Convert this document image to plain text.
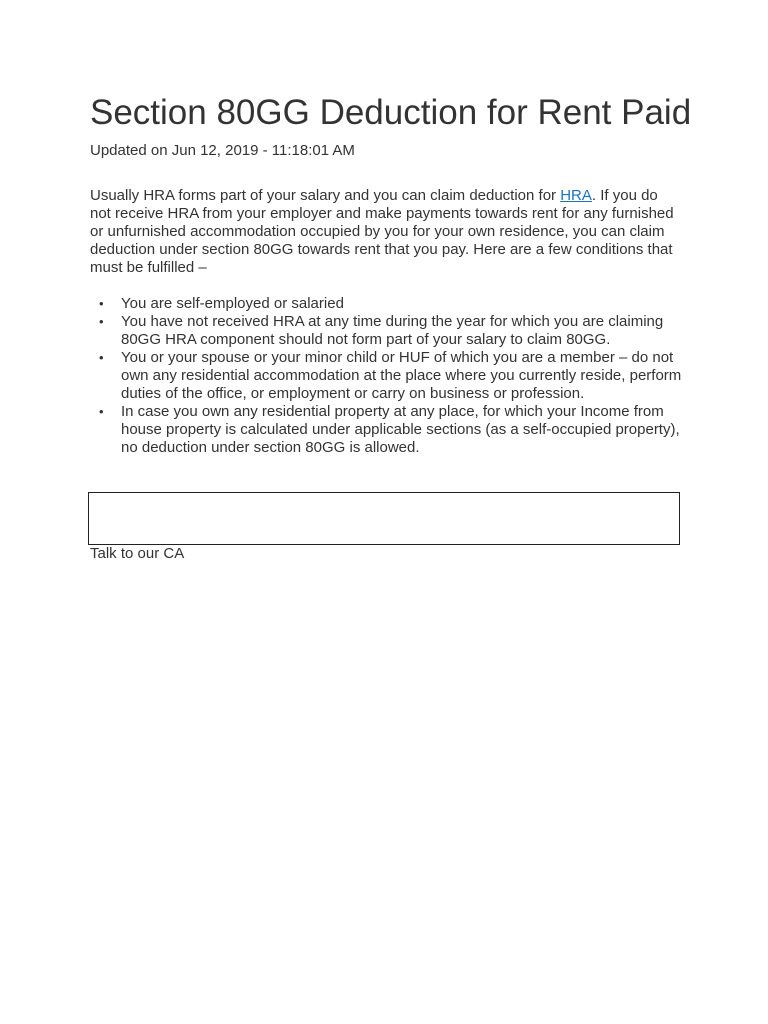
Section 80GG Deduction for Rent Paid

Updated on Jun 12, 2019 - 11:18:01 AM

Usually HRA forms part of your salary and you can claim deduction for HRA. If you do not receive HRA from your employer and make payments towards rent for any furnished or unfurnished accommodation occupied by you for your own residence, you can claim deduction under section 80GG towards rent that you pay. Here are a few conditions that must be fulfilled –

• You are self-employed or salaried
• You have not received HRA at any time during the year for which you are claiming 80GG HRA component should not form part of your salary to claim 80GG.
• You or your spouse or your minor child or HUF of which you are a member – do not own any residential accommodation at the place where you currently reside, perform duties of the office, or employment or carry on business or profession.
• In case you own any residential property at any place, for which your Income from house property is calculated under applicable sections (as a self-occupied property), no deduction under section 80GG is allowed.

Talk to our CA
